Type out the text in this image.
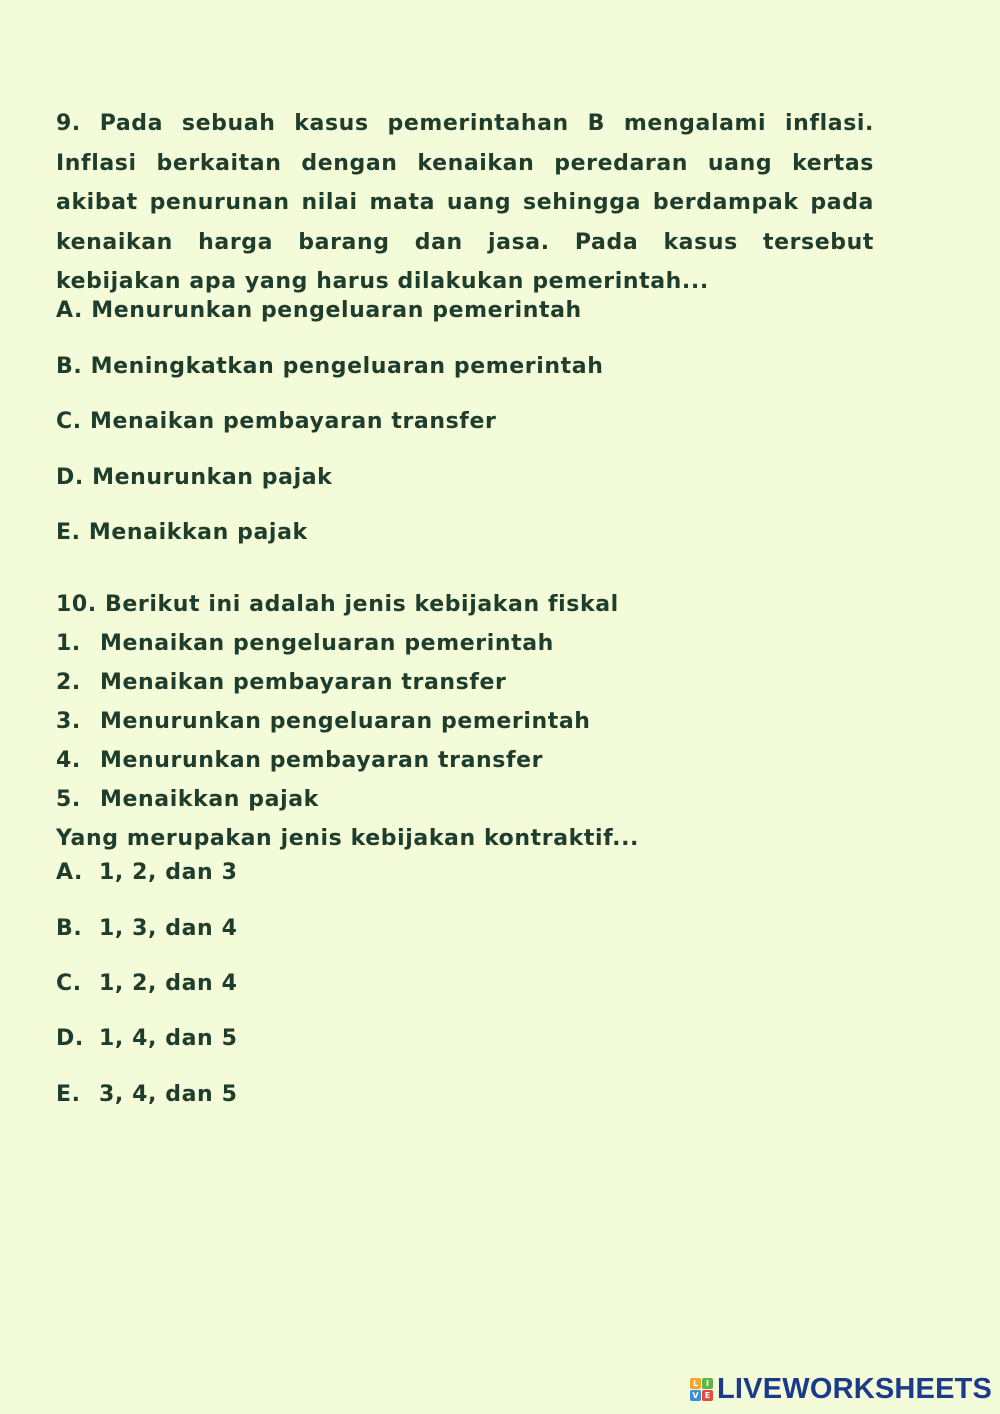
9. Pada sebuah kasus pemerintahan B mengalami inflasi. Inflasi berkaitan dengan kenaikan peredaran uang kertas akibat penurunan nilai mata uang sehingga berdampak pada kenaikan harga barang dan jasa. Pada kasus tersebut kebijakan apa yang harus dilakukan pemerintah...
A. Menurunkan pengeluaran pemerintah
B. Meningkatkan pengeluaran pemerintah
C. Menaikan pembayaran transfer
D. Menurunkan pajak
E. Menaikkan pajak
10. Berikut ini adalah jenis kebijakan fiskal
1. Menaikan pengeluaran pemerintah
2. Menaikan pembayaran transfer
3. Menurunkan pengeluaran pemerintah
4. Menurunkan pembayaran transfer
5. Menaikkan pajak
Yang merupakan jenis kebijakan kontraktif...
A. 1, 2, dan 3
B. 1, 3, dan 4
C. 1, 2, dan 4
D. 1, 4, dan 5
E. 3, 4, dan 5
L I
V E LIVEWORKSHEETS
